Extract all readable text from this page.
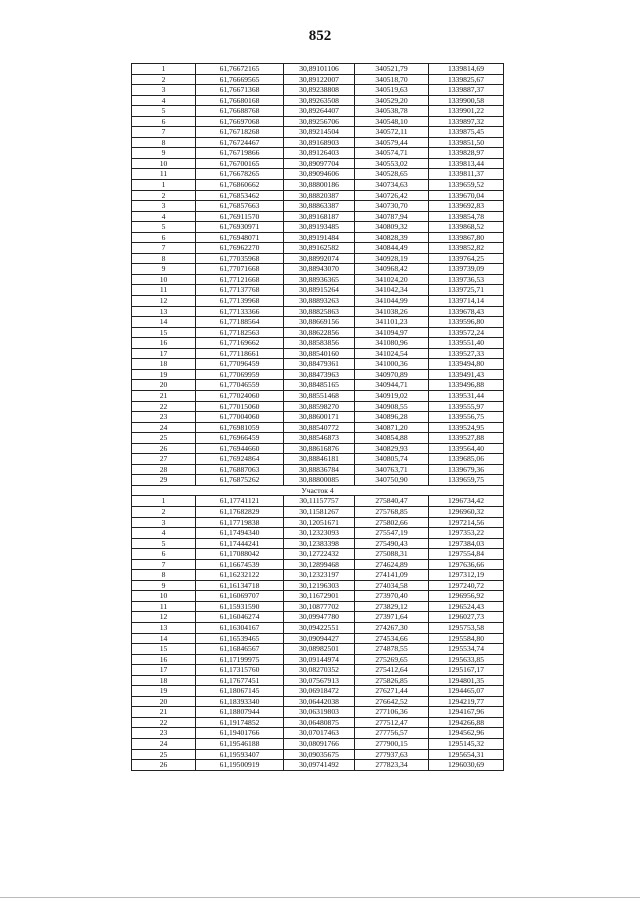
852
1	61,76672165	30,89101106	340521,79	1339814,69
2	61,76669565	30,89122007	340518,70	1339825,67
3	61,76671368	30,89238808	340519,63	1339887,37
4	61,76680168	30,89263508	340529,20	1339900,58
5	61,76688768	30,89264407	340538,78	1339901,22
6	61,76697068	30,89256706	340548,10	1339897,32
7	61,76718268	30,89214504	340572,11	1339875,45
8	61,76724467	30,89168903	340579,44	1339851,50
9	61,76719866	30,89126403	340574,71	1339828,97
10	61,76700165	30,89097704	340553,02	1339813,44
11	61,76678265	30,89094606	340528,65	1339811,37
1	61,76860662	30,88800186	340734,63	1339659,52
2	61,76853462	30,88820387	340726,42	1339670,04
3	61,76857663	30,88863387	340730,70	1339692,83
4	61,76911570	30,89168187	340787,94	1339854,78
5	61,76930971	30,89193485	340809,32	1339868,52
6	61,76948071	30,89191484	340828,39	1339867,80
7	61,76962270	30,89162582	340844,49	1339852,82
8	61,77035968	30,88992074	340928,19	1339764,25
9	61,77071668	30,88943070	340968,42	1339739,09
10	61,77121668	30,88936365	341024,20	1339736,53
11	61,77137768	30,88915264	341042,34	1339725,71
12	61,77139968	30,88893263	341044,99	1339714,14
13	61,77133366	30,88825863	341038,26	1339678,43
14	61,77188564	30,88669156	341101,23	1339596,80
15	61,77182563	30,88622856	341094,97	1339572,24
16	61,77169662	30,88583856	341080,96	1339551,40
17	61,77118661	30,88540160	341024,54	1339527,33
18	61,77096459	30,88479361	341000,36	1339494,80
19	61,77069959	30,88473963	340970,89	1339491,43
20	61,77046559	30,88485165	340944,71	1339496,88
21	61,77024060	30,88551468	340919,02	1339531,44
22	61,77015060	30,88598270	340908,55	1339555,97
23	61,77004060	30,88600171	340896,28	1339556,75
24	61,76981059	30,88540772	340871,20	1339524,95
25	61,76966459	30,88546873	340854,88	1339527,88
26	61,76944660	30,88616876	340829,93	1339564,40
27	61,76924864	30,88846181	340805,74	1339685,06
28	61,76887063	30,88836784	340763,71	1339679,36
29	61,76875262	30,88800085	340750,90	1339659,75
Участок 4				
1	61,17741121	30,11157757	275840,47	1296734,42
2	61,17682829	30,11581267	275768,85	1296960,32
3	61,17719838	30,12051671	275802,66	1297214,56
4	61,17494340	30,12323093	275547,19	1297353,22
5	61,17444241	30,12383398	275490,43	1297384,03
6	61,17088042	30,12722432	275088,31	1297554,84
7	61,16674539	30,12899468	274624,89	1297636,66
8	61,16232122	30,12323197	274141,09	1297312,19
9	61,16134718	30,12196303	274034,58	1297240,72
10	61,16069707	30,11672901	273970,40	1296956,92
11	61,15931590	30,10877702	273829,12	1296524,43
12	61,16046274	30,09947780	273971,64	1296027,73
13	61,16304167	30,09422551	274267,30	1295753,58
14	61,16539465	30,09094427	274534,66	1295584,80
15	61,16846567	30,08982501	274878,55	1295534,74
16	61,17199975	30,09144974	275269,65	1295633,85
17	61,17315760	30,08270352	275412,64	1295167,17
18	61,17677451	30,07567913	275826,85	1294801,35
19	61,18067145	30,06918472	276271,44	1294465,07
20	61,18393340	30,06442038	276642,52	1294219,77
21	61,18807944	30,06319803	277106,36	1294167,96
22	61,19174852	30,06480875	277512,47	1294266,88
23	61,19401766	30,07017463	277756,57	1294562,96
24	61,19546188	30,08091766	277900,15	1295145,32
25	61,19593407	30,09035675	277937,63	1295654,31
26	61,19500919	30,09741492	277823,34	1296030,69
